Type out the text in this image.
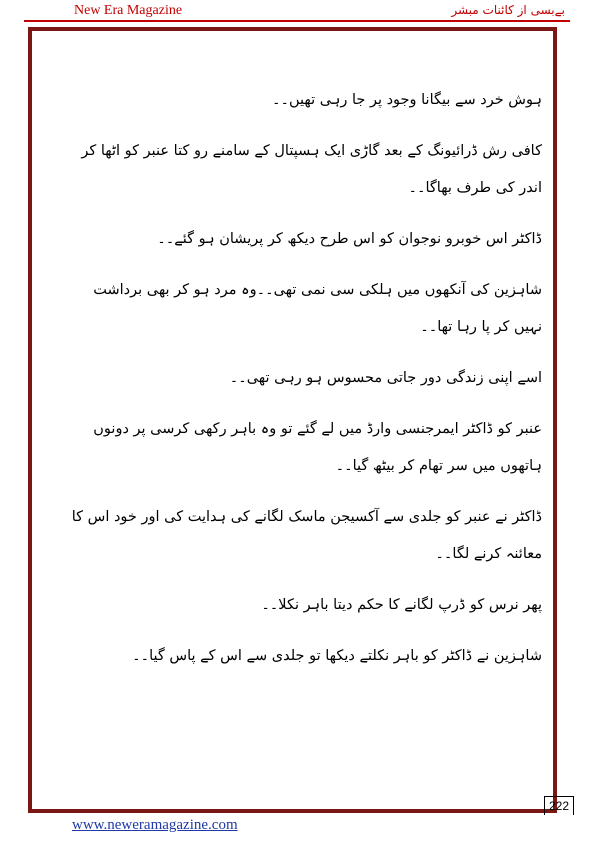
New Era Magazine	بےبسی از کائنات مبشر

ہوش خرد سے بیگانا وجود پر جا رہی تھیں۔۔

کافی رش ڈرائیونگ کے بعد گاڑی ایک ہسپتال کے سامنے رو کتا عنبر کو اٹھا کر اندر کی طرف بھاگا۔۔

ڈاکٹر اس خوبرو نوجوان کو اس طرح دیکھ کر پریشان ہو گئے۔۔

شاہزین کی آنکھوں میں ہلکی سی نمی تھی۔۔وہ مرد ہو کر بھی برداشت نہیں کر پا رہا تھا۔۔

اسے اپنی زندگی دور جاتی محسوس ہو رہی تھی۔۔

عنبر کو ڈاکٹر ایمرجنسی وارڈ میں لے گئے تو وہ باہر رکھی کرسی پر دونوں ہاتھوں میں سر تھام کر بیٹھ گیا۔۔

ڈاکٹر نے عنبر کو جلدی سے آکسیجن ماسک لگانے کی ہدایت کی اور خود اس کا معائنہ کرنے لگا۔۔

پھر نرس کو ڈرپ لگانے کا حکم دیتا باہر نکلا۔۔

شاہزین نے ڈاکٹر کو باہر نکلتے دیکھا تو جلدی سے اس کے پاس گیا۔۔

222
www.neweramagazine.com
